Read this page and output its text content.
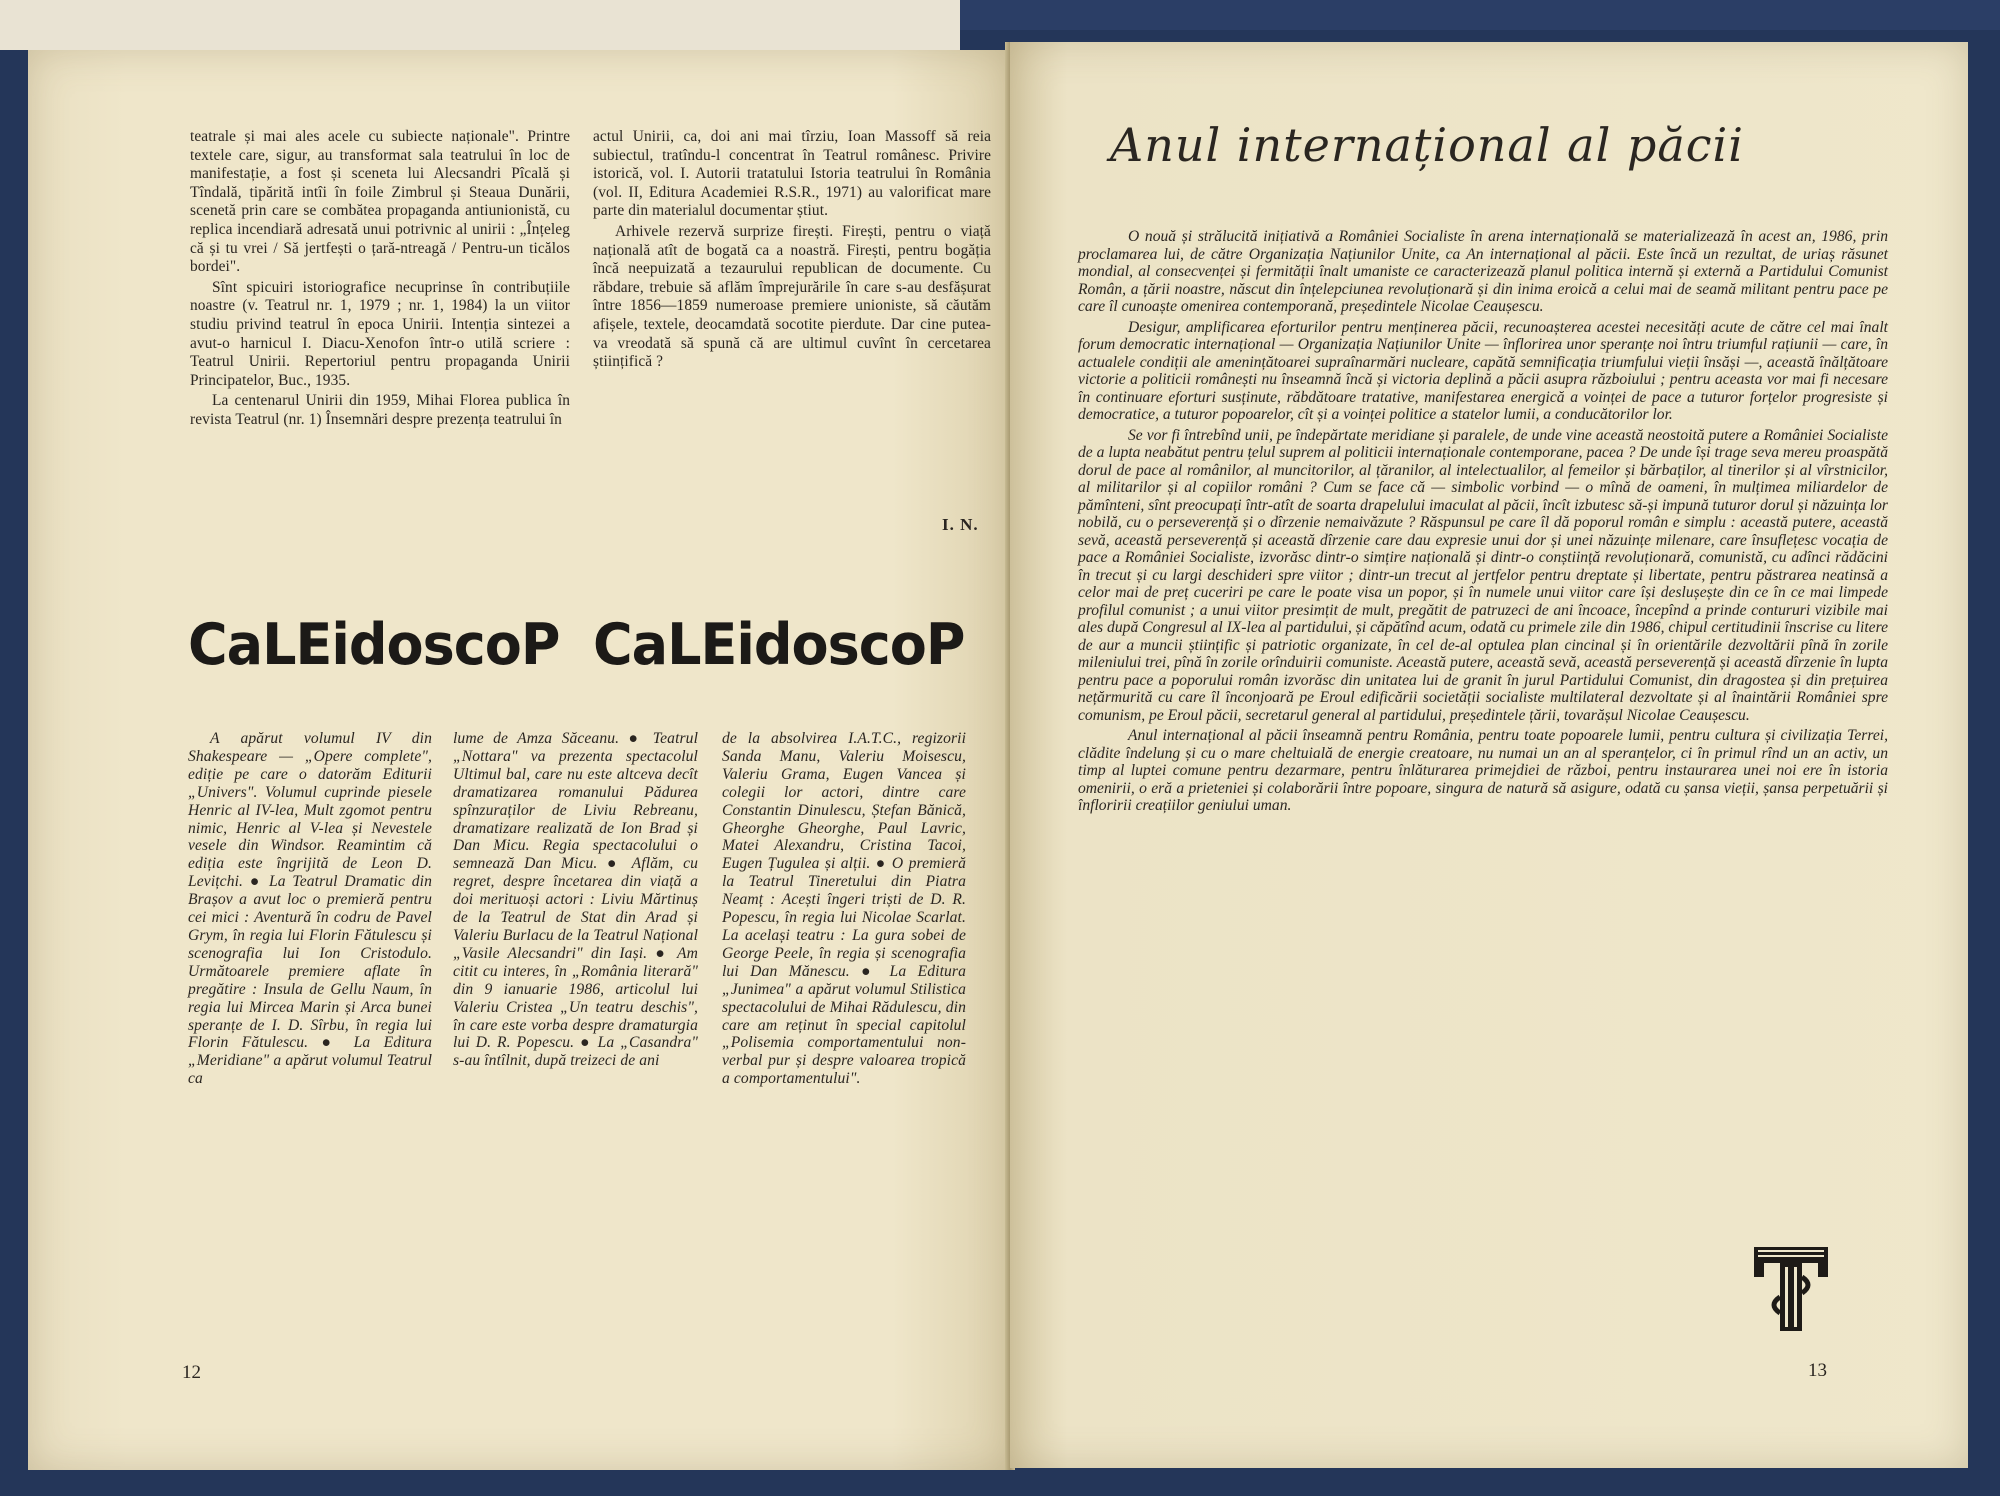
teatrale și mai ales acele cu subiecte naționale". Printre textele care, sigur, au transformat sala teatrului în loc de manifestație, a fost și sceneta lui Alecsandri Pîcală și Tîndală, tipărită intîi în foile Zimbrul și Steaua Dunării, scenetă prin care se combătea propaganda antiunionistă, cu replica incendiară adresată unui potrivnic al unirii : „Înțeleg că și tu vrei / Să jertfești o țară-ntreagă / Pentru-un ticălos bordei".

Sînt spicuiri istoriografice necuprinse în contribuțiile noastre (v. Teatrul nr. 1, 1979 ; nr. 1, 1984) la un viitor studiu privind teatrul în epoca Unirii. Intenția sintezei a avut-o harnicul I. Diacu-Xenofon într-o utilă scriere : Teatrul Unirii. Repertoriul pentru propaganda Unirii Principatelor, Buc., 1935.

La centenarul Unirii din 1959, Mihai Florea publica în revista Teatrul (nr. 1) Însemnări despre prezența teatrului în

actul Unirii, ca, doi ani mai tîrziu, Ioan Massoff să reia subiectul, tratîndu-l concentrat în Teatrul românesc. Privire istorică, vol. I. Autorii tratatului Istoria teatrului în România (vol. II, Editura Academiei R.S.R., 1971) au valorificat mare parte din materialul documentar știut.

Arhivele rezervă surprize firești. Firești, pentru o viață națională atît de bogată ca a noastră. Firești, pentru bogăția încă neepuizată a tezaurului republican de documente. Cu răbdare, trebuie să aflăm împrejurările în care s-au desfășurat între 1856—1859 numeroase premiere unioniste, să căutăm afișele, textele, deocamdată socotite pierdute. Dar cine putea-va vreodată să spună că are ultimul cuvînt în cercetarea științifică ?

I. N.
CaLEidoscoP CaLEidoscoP

A apărut volumul IV din Shakespeare — „Opere complete", ediție pe care o datorăm Editurii „Univers". Volumul cuprinde piesele Henric al IV-lea, Mult zgomot pentru nimic, Henric al V-lea și Nevestele vesele din Windsor. Reamintim că ediția este îngrijită de Leon D. Levițchi. ● La Teatrul Dramatic din Brașov a avut loc o premieră pentru cei mici : Aventură în codru de Pavel Grym, în regia lui Florin Fătulescu și scenografia lui Ion Cristodulo. Următoarele premiere aflate în pregătire : Insula de Gellu Naum, în regia lui Mircea Marin și Arca bunei speranțe de I. D. Sîrbu, în regia lui Florin Fătulescu. ● La Editura „Meridiane" a apărut volumul Teatrul ca

lume de Amza Săceanu. ● Teatrul „Nottara" va prezenta spectacolul Ultimul bal, care nu este altceva decît dramatizarea romanului Pădurea spînzuraților de Liviu Rebreanu, dramatizare realizată de Ion Brad și Dan Micu. Regia spectacolului o semnează Dan Micu. ● Aflăm, cu regret, despre încetarea din viață a doi merituoși actori : Liviu Mărtinuș de la Teatrul de Stat din Arad și Valeriu Burlacu de la Teatrul Național „Vasile Alecsandri" din Iași. ● Am citit cu interes, în „România literară" din 9 ianuarie 1986, articolul lui Valeriu Cristea „Un teatru deschis", în care este vorba despre dramaturgia lui D. R. Popescu. ● La „Casandra" s-au întîlnit, după treizeci de ani

de la absolvirea I.A.T.C., regizorii Sanda Manu, Valeriu Moisescu, Valeriu Grama, Eugen Vancea și colegii lor actori, dintre care Constantin Dinulescu, Ștefan Bănică, Gheorghe Gheorghe, Paul Lavric, Matei Alexandru, Cristina Tacoi, Eugen Țugulea și alții. ● O premieră la Teatrul Tineretului din Piatra Neamț : Acești îngeri triști de D. R. Popescu, în regia lui Nicolae Scarlat. La același teatru : La gura sobei de George Peele, în regia și scenografia lui Dan Mănescu. ● La Editura „Junimea" a apărut volumul Stilistica spectacolului de Mihai Rădulescu, din care am reținut în special capitolul „Polisemia comportamentului non-verbal pur și despre valoarea tropică a comportamentului".

12
Anul internațional al păcii

O nouă și strălucită inițiativă a României Socialiste în arena internațională se materializează în acest an, 1986, prin proclamarea lui, de către Organizația Națiunilor Unite, ca An internațional al păcii. Este încă un rezultat, de uriaș răsunet mondial, al consecvenței și fermității înalt umaniste ce caracterizează planul politica internă și externă a Partidului Comunist Român, a țării noastre, născut din înțelepciunea revoluționară și din inima eroică a celui mai de seamă militant pentru pace pe care îl cunoaște omenirea contemporană, președintele Nicolae Ceaușescu.

Desigur, amplificarea eforturilor pentru menținerea păcii, recunoașterea acestei necesități acute de către cel mai înalt forum democratic internațional — Organizația Națiunilor Unite — înflorirea unor speranțe noi întru triumful rațiunii — care, în actualele condiții ale amenințătoarei supraînarmări nucleare, capătă semnificația triumfului vieții însăși —, această înălțătoare victorie a politicii românești nu înseamnă încă și victoria deplină a păcii asupra războiului ; pentru aceasta vor mai fi necesare în continuare eforturi susținute, răbdătoare tratative, manifestarea energică a voinței de pace a tuturor forțelor progresiste și democratice, a tuturor popoarelor, cît și a voinței politice a statelor lumii, a conducătorilor lor.

Se vor fi întrebînd unii, pe îndepărtate meridiane și paralele, de unde vine această neostoită putere a României Socialiste de a lupta neabătut pentru țelul suprem al politicii internaționale contemporane, pacea ? De unde își trage seva mereu proaspătă dorul de pace al românilor, al muncitorilor, al țăranilor, al intelectualilor, al femeilor și bărbaților, al tinerilor și al vîrstnicilor, al militarilor și al copiilor români ? Cum se face că — simbolic vorbind — o mînă de oameni, în mulțimea miliardelor de pămînteni, sînt preocupați într-atît de soarta drapelului imaculat al păcii, încît izbutesc să-și impună tuturor dorul și năzuința lor nobilă, cu o perseverență și o dîrzenie nemaivăzute ? Răspunsul pe care îl dă poporul român e simplu : această putere, această sevă, această perseverență și această dîrzenie care dau expresie unui dor și unei năzuințe milenare, care însuflețesc vocația de pace a României Socialiste, izvorăsc dintr-o simțire națională și dintr-o conștiință revoluționară, comunistă, cu adînci rădăcini în trecut și cu largi deschideri spre viitor ; dintr-un trecut al jertfelor pentru dreptate și libertate, pentru păstrarea neatinsă a celor mai de preț cuceriri pe care le poate visa un popor, și în numele unui viitor care își deslușește din ce în ce mai limpede profilul comunist ; a unui viitor presimțit de mult, pregătit de patruzeci de ani încoace, începînd a prinde contururi vizibile mai ales după Congresul al IX-lea al partidului, și căpătînd acum, odată cu primele zile din 1986, chipul certitudinii înscrise cu litere de aur a muncii științific și patriotic organizate, în cel de-al optulea plan cincinal și în orientările dezvoltării pînă în zorile mileniului trei, pînă în zorile orînduirii comuniste. Această putere, această sevă, această perseverență și această dîrzenie în lupta pentru pace a poporului român izvorăsc din unitatea lui de granit în jurul Partidului Comunist, din dragostea și din prețuirea nețărmurită cu care îl înconjoară pe Eroul edificării societății socialiste multilateral dezvoltate și al înaintării României spre comunism, pe Eroul păcii, secretarul general al partidului, președintele țării, tovarășul Nicolae Ceaușescu.

Anul internațional al păcii înseamnă pentru România, pentru toate popoarele lumii, pentru cultura și civilizația Terrei, clădite îndelung și cu o mare cheltuială de energie creatoare, nu numai un an al speranțelor, ci în primul rînd un an activ, un timp al luptei comune pentru dezarmare, pentru înlăturarea primejdiei de război, pentru instaurarea unei noi ere în istoria omenirii, o eră a prieteniei și colaborării între popoare, singura de natură să asigure, odată cu șansa vieții, șansa perpetuării și înfloririi creațiilor geniului uman.

13
